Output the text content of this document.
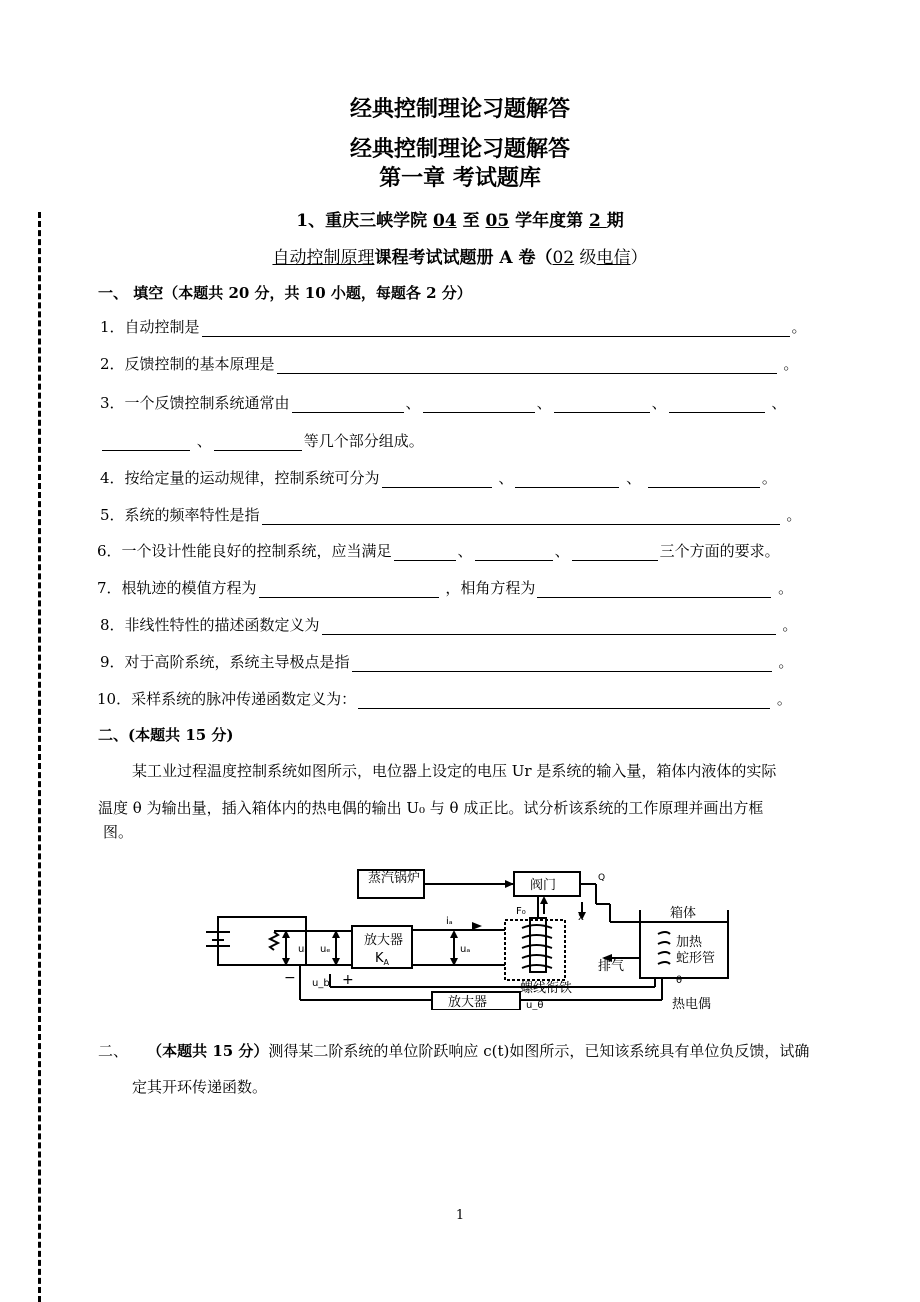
经典控制理论习题解答
经典控制理论习题解答
第一章 考试题库
1、重庆三峡学院 04 至 05 学年度第 2 期
自动控制原理课程考试试题册 A 卷（02 级电信）
一、 填空（本题共 20 分，共 10 小题，每题各 2 分）
1．自动控制是	。
2．反馈控制的基本原理是
	。
3．一个反馈控制系统通常由	、	、	、
	、

、	等几个部分组成。
4．按给定量的运动规律，控制系统可分为
	、
	、
	。
5．系统的频率特性是指
	。
6．一个设计性能良好的控制系统，应当满足	、	、	三个方面的要求。
7．根轨迹的模值方程为
	，相角方程为
	。
8．非线性特性的描述函数定义为
	。
9．对于高阶系统，系统主导极点是指
	。
10．采样系统的脉冲传递函数定义为：
	。
二、(本题共 15 分)
某工业过程温度控制系统如图所示，电位器上设定的电压 Ur 是系统的输入量，箱体内液体的实际
温度 θ 为输出量，插入箱体内的热电偶的输出 U₀ 与 θ 成正比。试分析该系统的工作原理并画出方框
图。
蒸汽锅炉	阀门
箱体
放大器
$K_A$
加热
蛇形管
排气
螺线衔铁
热电偶
放大器
Q
F₀
iₐ
uₐ
uᵣ uₑ
u_b
u_θ
θ
x
+
−
二、 （本题共 15 分）测得某二阶系统的单位阶跃响应 c(t)如图所示，已知该系统具有单位负反馈，试确
定其开环传递函数。
1
